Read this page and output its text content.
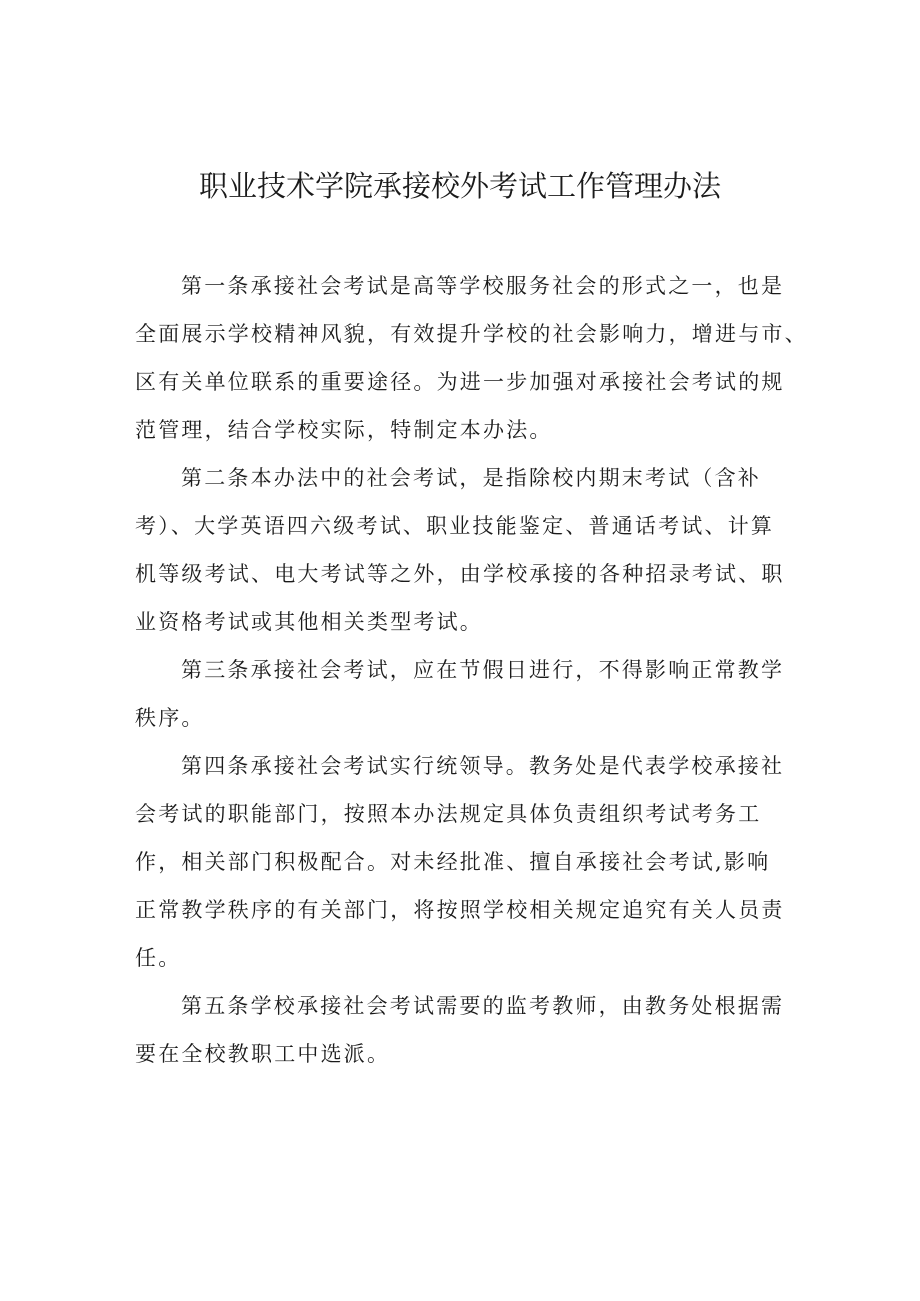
职业技术学院承接校外考试工作管理办法
第一条承接社会考试是高等学校服务社会的形式之一，也是
全面展示学校精神风貌，有效提升学校的社会影响力，增进与市、
区有关单位联系的重要途径。为进一步加强对承接社会考试的规
范管理，结合学校实际，特制定本办法。
第二条本办法中的社会考试，是指除校内期末考试（含补
考）、大学英语四六级考试、职业技能鉴定、普通话考试、计算
机等级考试、电大考试等之外，由学校承接的各种招录考试、职
业资格考试或其他相关类型考试。
第三条承接社会考试，应在节假日进行，不得影响正常教学
秩序。
第四条承接社会考试实行统领导。教务处是代表学校承接社
会考试的职能部门，按照本办法规定具体负责组织考试考务工
作，相关部门积极配合。对未经批准、擅自承接社会考试,影响
正常教学秩序的有关部门，将按照学校相关规定追究有关人员责
任。
第五条学校承接社会考试需要的监考教师，由教务处根据需
要在全校教职工中选派。
